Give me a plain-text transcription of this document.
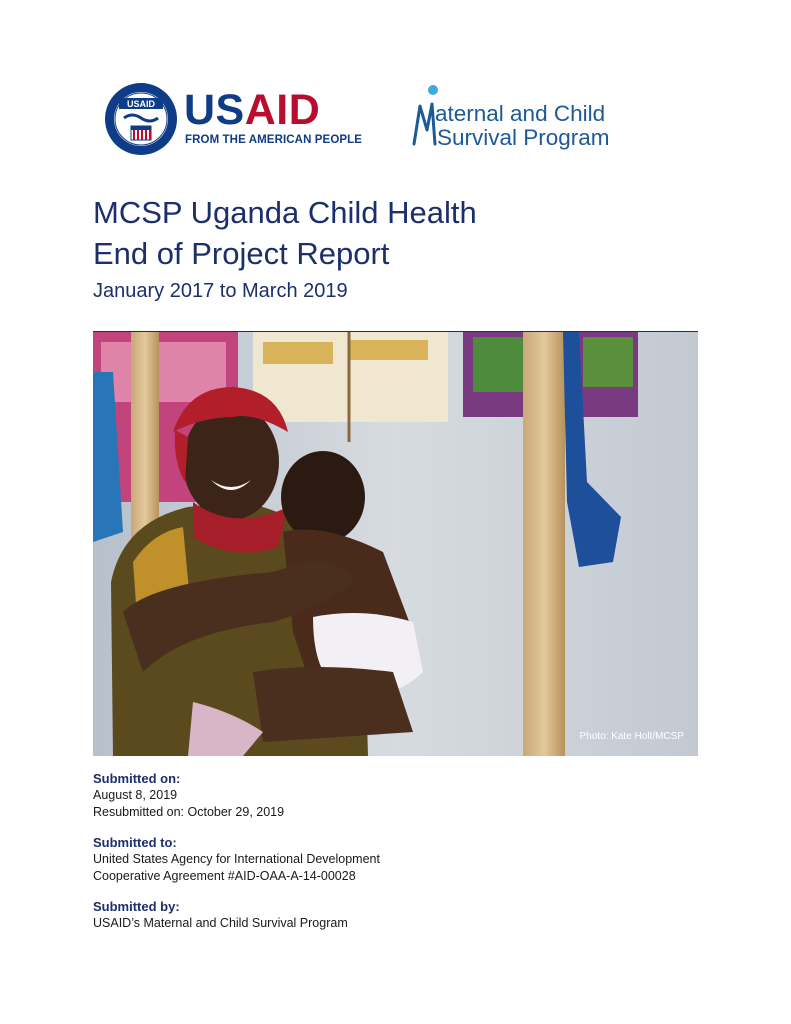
USAID USAID
FROM THE AMERICAN PEOPLE
aternal and Child
Survival Program
MCSP Uganda Child Health
End of Project Report
January 2017 to March 2019
Photo: Kate Holt/MCSP
Submitted on:
August 8, 2019
Resubmitted on: October 29, 2019
Submitted to:
United States Agency for International Development
Cooperative Agreement #AID-OAA-A-14-00028
Submitted by:
USAID’s Maternal and Child Survival Program
